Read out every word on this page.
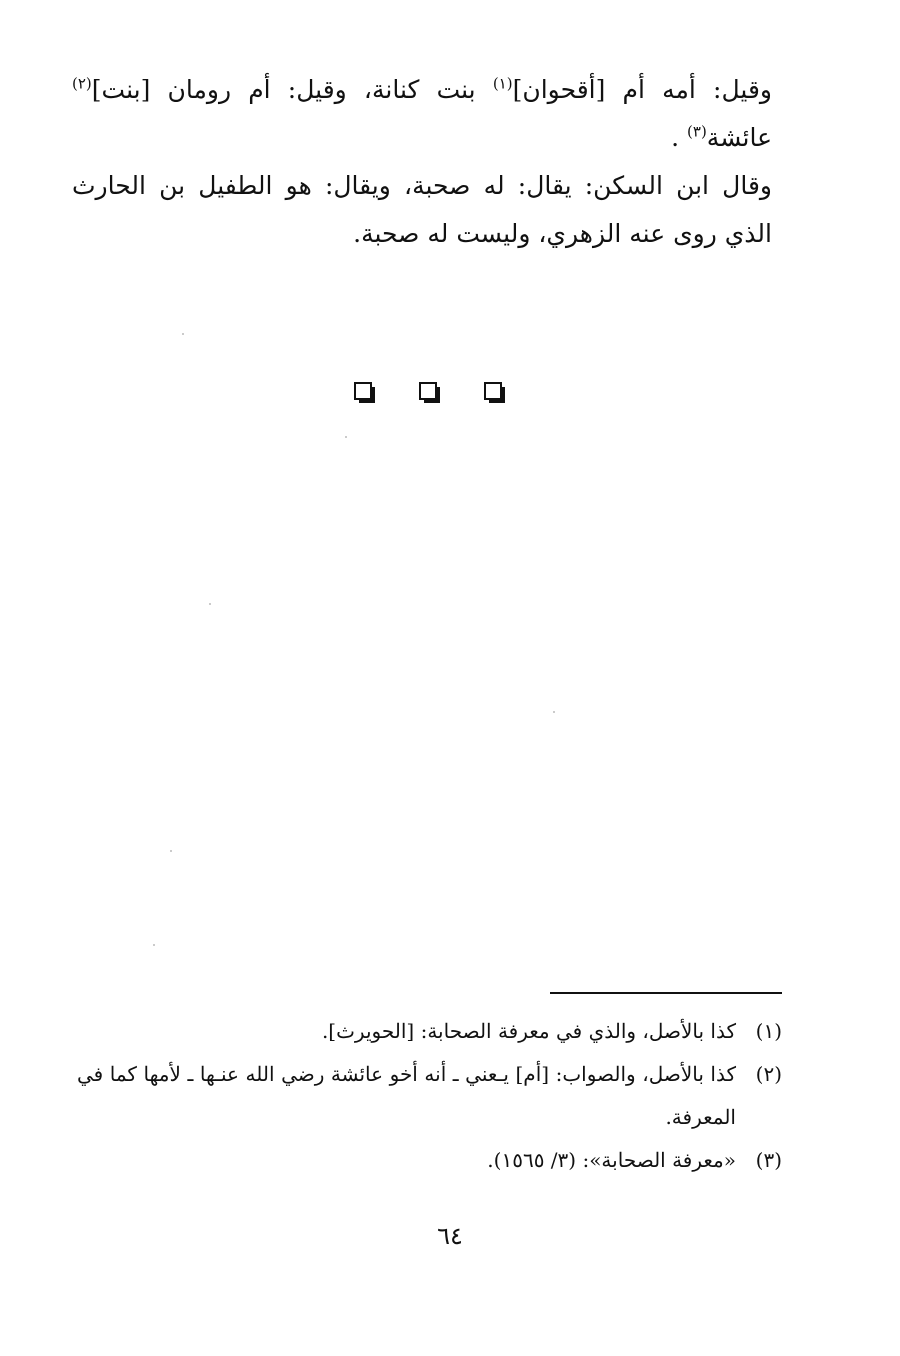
وقيل: أمه أم [أقحوان]$^{(١)}$ بنت كنانة، وقيل: أم رومان [بنت]$^{(٢)}$ عائشة$^{(٣)}$ .

وقال ابن السكن: يقال: له صحبة، ويقال: هو الطفيل بن الحارث الذي روى عنه الزهري، وليست له صحبة.

(١)
كذا بالأصل، والذي في معرفة الصحابة: [الحويرث].
(٢)
كذا بالأصل، والصواب: [أم] يـعني ـ أنه أخو عائشة رضي الله عنـها ـ لأمها كما في المعرفة.
(٣)
«معرفة الصحابة»: (٣/ ١٥٦٥).
٦٤
